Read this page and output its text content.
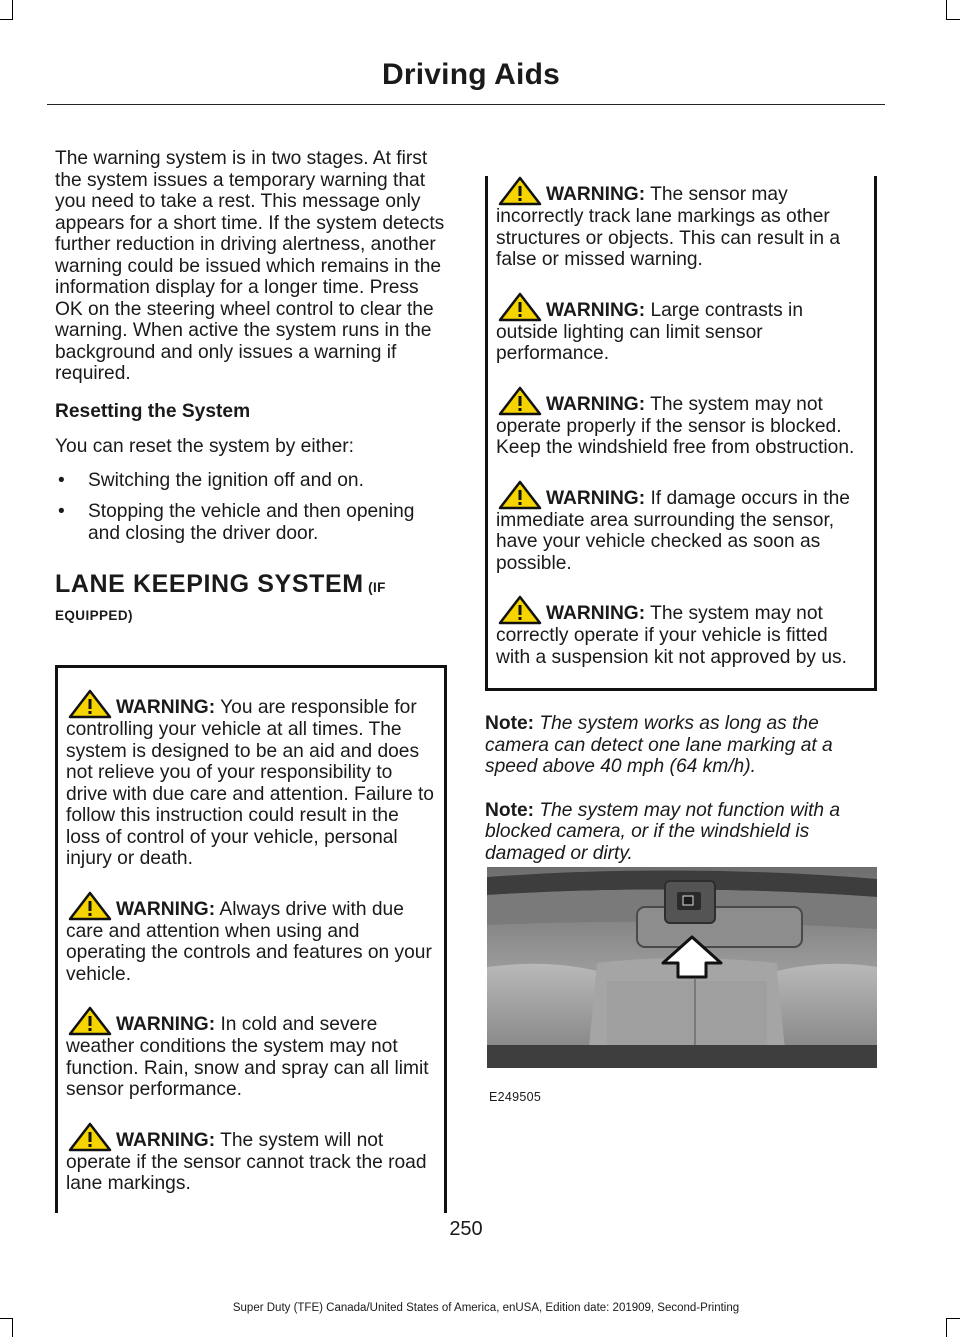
Driving Aids

The warning system is in two stages. At first the system issues a temporary warning that you need to take a rest. This message only appears for a short time. If the system detects further reduction in driving alertness, another warning could be issued which remains in the information display for a longer time. Press OK on the steering wheel control to clear the warning. When active the system runs in the background and only issues a warning if required.

Resetting the System

You can reset the system by either:

• Switching the ignition off and on.
• Stopping the vehicle and then opening and closing the driver door.
LANE KEEPING SYSTEM (IF
EQUIPPED)
WARNING: You are responsible for controlling your vehicle at all times. The system is designed to be an aid and does not relieve you of your responsibility to drive with due care and attention. Failure to follow this instruction could result in the loss of control of your vehicle, personal injury or death.
WARNING: Always drive with due care and attention when using and operating the controls and features on your vehicle.
WARNING: In cold and severe weather conditions the system may not function. Rain, snow and spray can all limit sensor performance.
WARNING: The system will not operate if the sensor cannot track the road lane markings.
WARNING: The sensor may incorrectly track lane markings as other structures or objects. This can result in a false or missed warning.
WARNING: Large contrasts in outside lighting can limit sensor performance.
WARNING: The system may not operate properly if the sensor is blocked. Keep the windshield free from obstruction.
WARNING: If damage occurs in the immediate area surrounding the sensor, have your vehicle checked as soon as possible.
WARNING: The system may not correctly operate if your vehicle is fitted with a suspension kit not approved by us.
Note: The system works as long as the camera can detect one lane marking at a speed above 40 mph (64 km/h).
Note: The system may not function with a blocked camera, or if the windshield is damaged or dirty.
E249505
250
Super Duty (TFE) Canada/United States of America, enUSA, Edition date: 201909, Second-Printing
